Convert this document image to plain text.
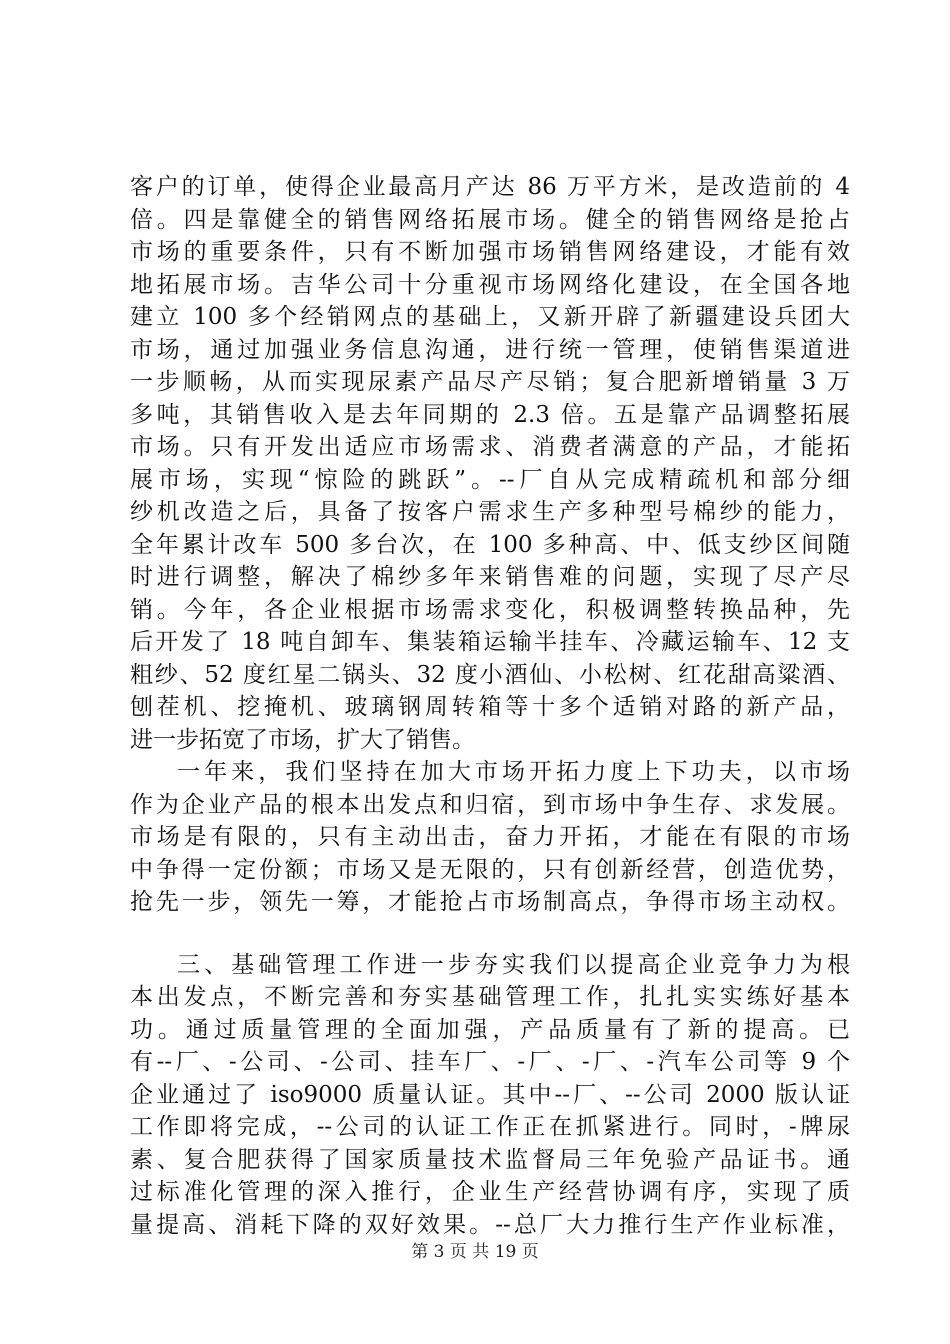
客户的订单，使得企业最高月产达 86 万平方米，是改造前的 4
倍。四是靠健全的销售网络拓展市场。健全的销售网络是抢占
市场的重要条件，只有不断加强市场销售网络建设，才能有效
地拓展市场。吉华公司十分重视市场网络化建设，在全国各地
建立 100 多个经销网点的基础上，又新开辟了新疆建设兵团大
市场，通过加强业务信息沟通，进行统一管理，使销售渠道进
一步顺畅，从而实现尿素产品尽产尽销；复合肥新增销量 3 万
多吨，其销售收入是去年同期的 2.3 倍。五是靠产品调整拓展
市场。只有开发出适应市场需求、消费者满意的产品，才能拓
展市场，实现“惊险的跳跃”。--厂自从完成精疏机和部分细
纱机改造之后，具备了按客户需求生产多种型号棉纱的能力，
全年累计改车 500 多台次，在 100 多种高、中、低支纱区间随
时进行调整，解决了棉纱多年来销售难的问题，实现了尽产尽
销。今年，各企业根据市场需求变化，积极调整转换品种，先
后开发了 18 吨自卸车、集装箱运输半挂车、冷藏运输车、12 支
粗纱、52 度红星二锅头、32 度小酒仙、小松树、红花甜高粱酒、
刨茬机、挖掩机、玻璃钢周转箱等十多个适销对路的新产品，
进一步拓宽了市场，扩大了销售。
一年来，我们坚持在加大市场开拓力度上下功夫，以市场
作为企业产品的根本出发点和归宿，到市场中争生存、求发展。
市场是有限的，只有主动出击，奋力开拓，才能在有限的市场
中争得一定份额；市场又是无限的，只有创新经营，创造优势，
抢先一步，领先一筹，才能抢占市场制高点，争得市场主动权。
三、基础管理工作进一步夯实我们以提高企业竞争力为根
本出发点，不断完善和夯实基础管理工作，扎扎实实练好基本
功。通过质量管理的全面加强，产品质量有了新的提高。已
有--厂、-公司、-公司、挂车厂、-厂、-厂、-汽车公司等 9 个
企业通过了 iso9000 质量认证。其中--厂、--公司 2000 版认证
工作即将完成，--公司的认证工作正在抓紧进行。同时，-牌尿
素、复合肥获得了国家质量技术监督局三年免验产品证书。通
过标准化管理的深入推行，企业生产经营协调有序，实现了质
量提高、消耗下降的双好效果。--总厂大力推行生产作业标准，
第 3 页 共 19 页
